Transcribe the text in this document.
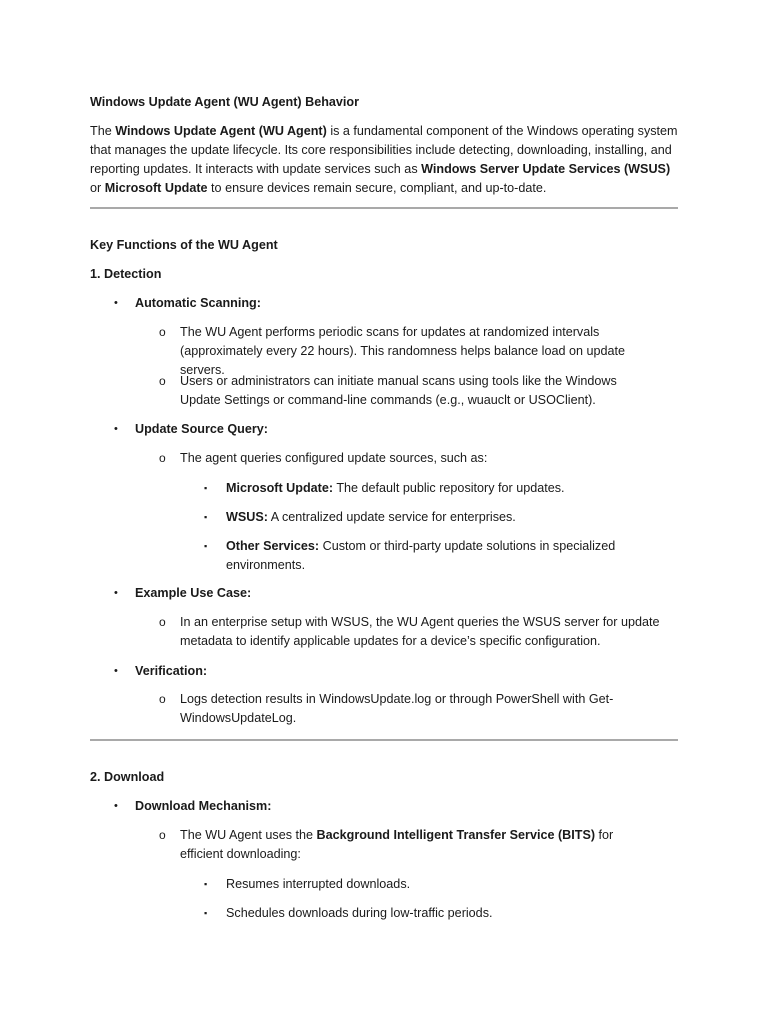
Windows Update Agent (WU Agent) Behavior

The Windows Update Agent (WU Agent) is a fundamental component of the Windows operating system that manages the update lifecycle. Its core responsibilities include detecting, downloading, installing, and reporting updates. It interacts with update services such as Windows Server Update Services (WSUS) or Microsoft Update to ensure devices remain secure, compliant, and up-to-date.

Key Functions of the WU Agent

1. Detection

• Automatic Scanning:

o The WU Agent performs periodic scans for updates at randomized intervals (approximately every 22 hours). This randomness helps balance load on update servers.

o Users or administrators can initiate manual scans using tools like the Windows Update Settings or command-line commands (e.g., wuauclt or USOClient).

• Update Source Query:

o The agent queries configured update sources, such as:

▪ Microsoft Update: The default public repository for updates.

▪ WSUS: A centralized update service for enterprises.

▪ Other Services: Custom or third-party update solutions in specialized environments.

• Example Use Case:

o In an enterprise setup with WSUS, the WU Agent queries the WSUS server for update metadata to identify applicable updates for a device’s specific configuration.

• Verification:

o Logs detection results in WindowsUpdate.log or through PowerShell with Get-WindowsUpdateLog.

2. Download

• Download Mechanism:

o The WU Agent uses the Background Intelligent Transfer Service (BITS) for efficient downloading:

▪ Resumes interrupted downloads.

▪ Schedules downloads during low-traffic periods.
